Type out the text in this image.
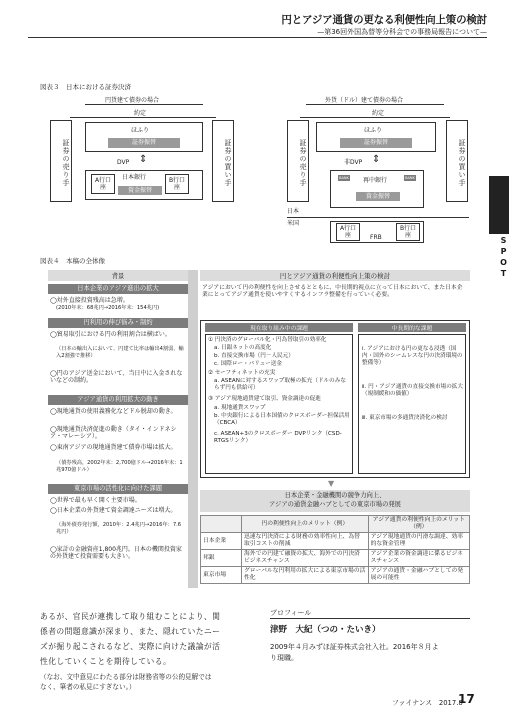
円とアジア通貨の更なる利便性向上策の検討
—第36回外国為替等分科会での事務局報告について—
SPOT
図表３　日本における証券決済
円貨建て債券の場合
約定
証券の売り手	証券の買い手
ほふり
証券振替
DVP ⇕
A行口座
B行口座
日本銀行
資金振替
外貨（ドル）建て債券の場合
約定
証券の売り手	証券の買い手
ほふり
証券振替
非DVP ⇕
BANK	BANK
再中銀行
資金振替
日本
米国
A行口座
B行口座
FRB
図表４　本稿の全体像
背景
日本企業のアジア進出の拡大
◯対外直接投資残高は急増。
(2010年末：68兆円→2016年末：154兆円)
円利用の伸び悩み・制約
◯貿易取引における円の利用割合は横ばい。
（日本の輸出入において、円建て比率は輸出4割弱、輸入2割強で推移）
◯円のアジア送金において、当日中に入金されないなどの制約。
アジア通貨の利用拡大の動き
◯現地通貨の使用義務化などドル脱却の動き。
◯現地通貨決済促進の動き（タイ・インドネシア・マレーシア）。
◯東南アジアの現地通貨建て債券市場は拡大。
（債券残高，2002年末：2,700億ドル→2016年末：1兆970億ドル）
東京市場の活性化に向けた課題
◯世界で最も早く開く主要市場。
◯日本企業の外貨建て資金調達ニーズは増大。
（海外債券発行額，2010年：2.4兆円→2016年：7.6兆円）
◯家計の金融資産1,800兆円。日本の機関投資家の外貨建て投資需要も大きい。
円とアジア通貨の利便性向上策の検討
アジアにおいて円の利便性を向上させるとともに、中長期的視点に立って日本において、また日本企業にとってアジア通貨を使いやすくするインフラ整備を行っていく必要。
現在取り組み中の課題	中長期的な課題
① 円決済のグローバル化・円為替取引の効率化
a. 日銀ネットの高度化
b. 直接交換市場（円－人民元）
c. 国際ロー・バリュー送金
② セーフティネットの充実
a. ASEANに対するスワップ取極の拡充（ドルのみならず円も供給可）
③ アジア現地通貨建て取引、資金調達の促進
a. 現地通貨スワップ
b. 中央銀行による日本国債のクロスボーダー担保活用（CBCA）
c. ASEAN+3のクロスボーダー DVPリンク（CSD-RTGSリンク）
ⅰ. アジアにおける円の更なる浸透（国内・国外のシームレスな円の決済環境の整備等）
ⅱ. 円・アジア通貨の直接交換市場の拡大（規制緩和の価値）
ⅲ. 東京市場の多通貨決済化の検討
▼
日本企業・金融機関の競争力向上、
アジアの通貨金融ハブとしての東京市場の発展
	円の利便性向上のメリット（例）	アジア通貨の利便性向上のメリット（例）
日本企業	迅速な円決済による財務の効率性向上、為替取引コストの削減	アジア現地通貨の円滑な調達、効率的な資金管理
邦銀	海外での円建て融資の拡大、海外での円決済ビジネスチャンス	アジア企業の資金調達に係るビジネスチャンス
東京市場	グローバルな円利用の拡大による東京市場の活性化	アジアの通貨・金融ハブとしての発展の可能性
あるが、官民が連携して取り組むことにより、関
係者の問題意識が深まり、また、隠れていたニー
ズが掘り起こされるなど、実際に向けた議論が活
性化していくことを期待している。
（なお、文中意見にわたる部分は財務省等の公的見解では
なく、筆者の私見にすぎない。）
プロフィール
津野　大紀（つの・たいき）
2009年４月みずほ証券株式会社入社。2016年８月よ
り現職。
ファイナンス　2017.8
17
